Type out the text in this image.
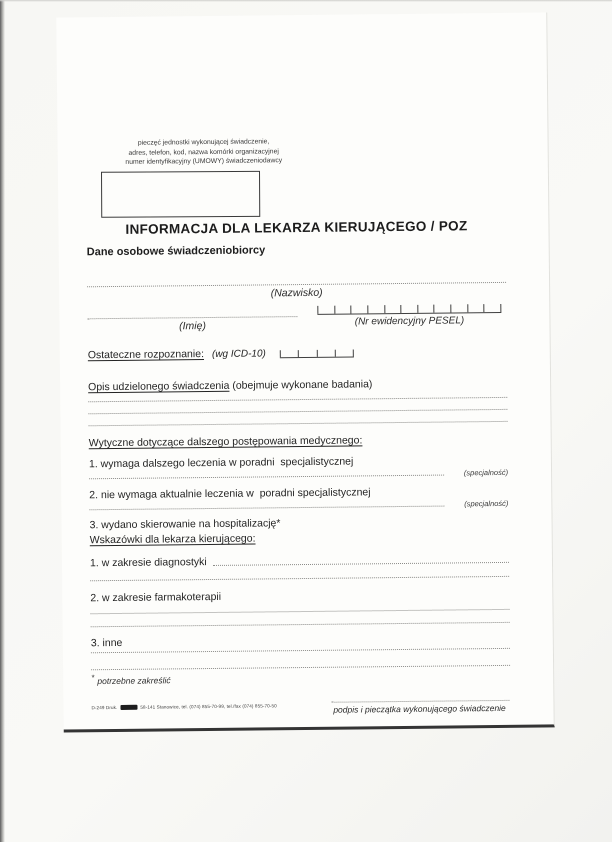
pieczęć jednostki wykonującej świadczenie,
adres, telefon, kod, nazwa komórki organizacyjnej
numer identyfikacyjny (UMOWY) świadczeniodawcy
INFORMACJA DLA LEKARZA KIERUJĄCEGO / POZ
Dane osobowe świadczeniobiorcy
(Nazwisko)
(Imię)	(Nr ewidencyjny PESEL)
Ostateczne rozpoznanie: (wg ICD-10)
Opis udzielonego świadczenia (obejmuje wykonane badania)
Wytyczne dotyczące dalszego postępowania medycznego:
1. wymaga dalszego leczenia w poradni  specjalistycznej
(specjalność)
2. nie wymaga aktualnie leczenia w  poradni specjalistycznej
(specjalność)
3. wydano skierowanie na hospitalizację*
Wskazówki dla lekarza kierującego:
1. w zakresie diagnostyki
2. w zakresie farmakoterapii
3. inne
* potrzebne zakreślić
D-249 Druk.	58-141 Stanowice, tel. (074) 855-70-99, tel./fax (074) 855-70-50	podpis i pieczątka wykonującego świadczenie
